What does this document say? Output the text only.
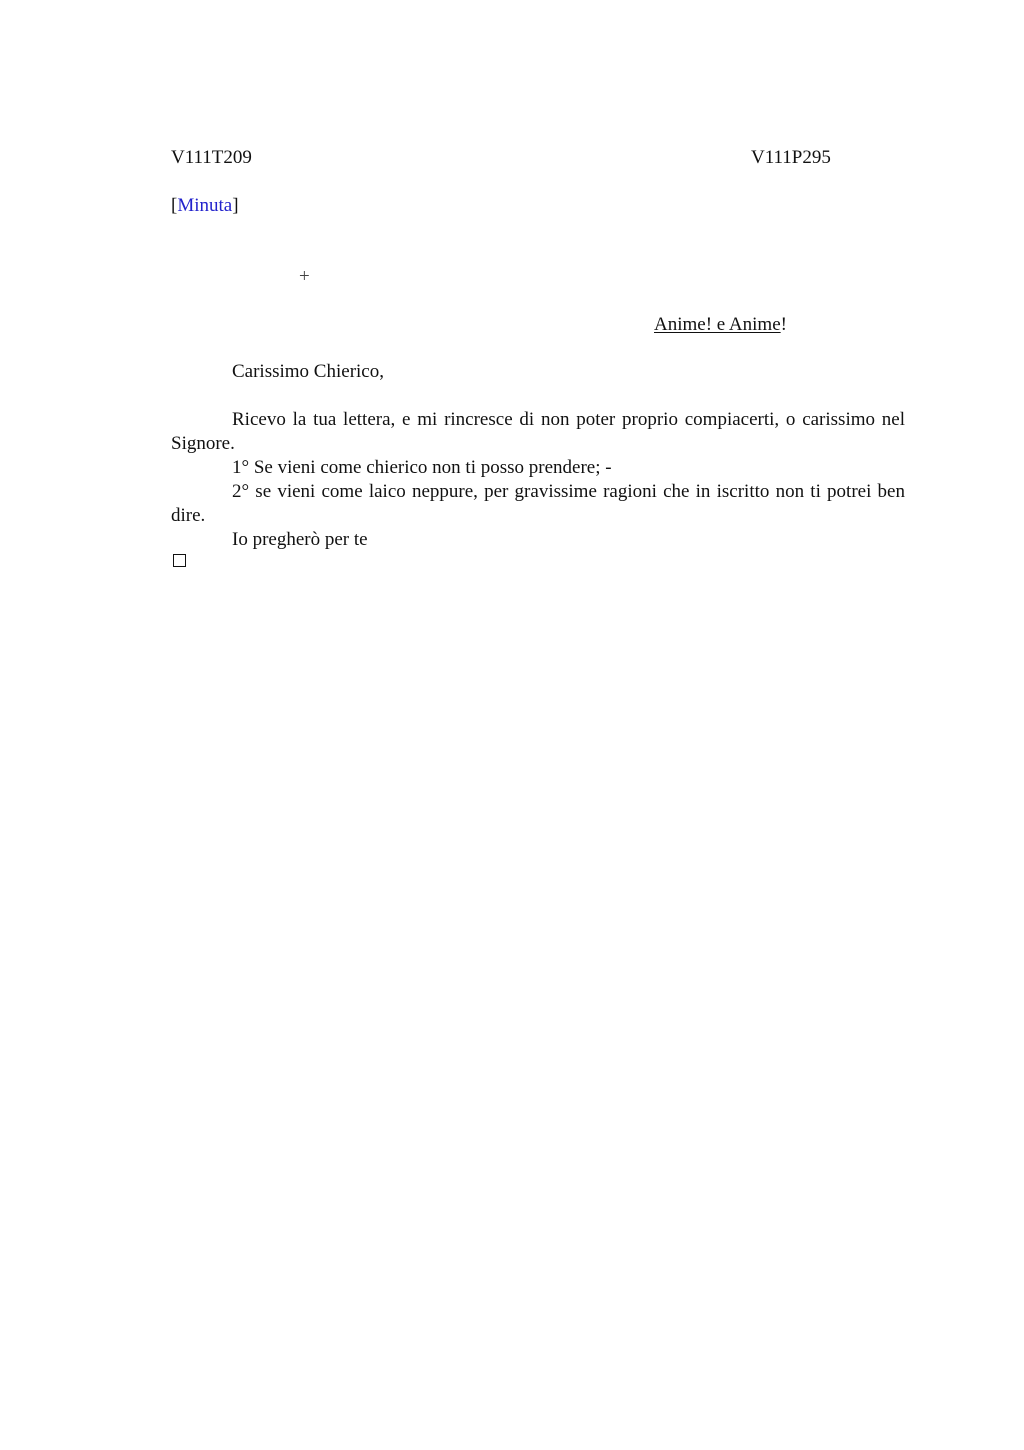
V111T209	V111P295
[Minuta]
+
Anime! e Anime!
Carissimo Chierico,

Ricevo la tua lettera, e mi rincresce di non poter proprio compiacerti, o carissimo nel Signore.

1° Se vieni come chierico non ti posso prendere; -

2° se vieni come laico neppure, per gravissime ragioni che in iscritto non ti potrei ben dire.

Io pregherò per te
